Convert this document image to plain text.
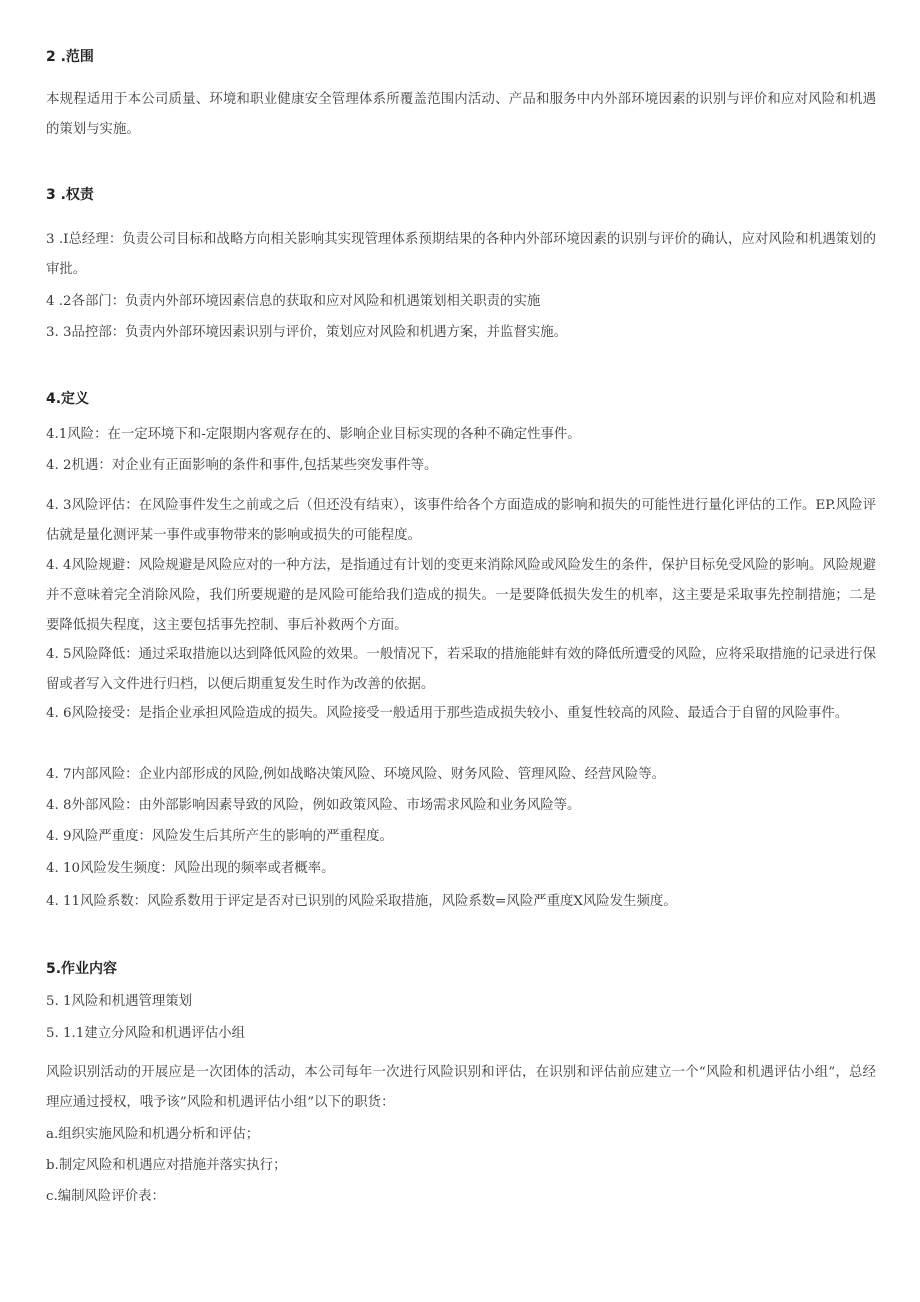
2 .范围
本规程适用于本公司质量、环境和职业健康安全管理体系所覆盖范围内活动、产品和服务中内外部环境因素的识别与评价和应对风险和机遇的策划与实施。
3 .权责
3 .I总经理：负责公司目标和战略方向相关影响其实现管理体系预期结果的各种内外部环境因素的识别与评价的确认，应对风险和机遇策划的审批。
4 .2各部门：负责内外部环境因素信息的获取和应对风险和机遇策划相关职责的实施
3. 3品控部：负责内外部环境因素识别与评价，策划应对风险和机遇方案，并监督实施。
4.定义
4.1风险：在一定环境下和-定限期内客观存在的、影响企业目标实现的各种不确定性事件。
4. 2机遇：对企业有正面影响的条件和事件,包括某些突发事件等。
4. 3风险评估：在风险事件发生之前或之后（但还没有结束），该事件给各个方面造成的影响和损失的可能性进行量化评估的工作。EP.风险评估就是量化测评某一事件或事物带来的影响或损失的可能程度。
4. 4风险规避：风险规避是风险应对的一种方法，是指通过有计划的变更来消除风险或风险发生的条件，保护目标免受风险的影响。风险规避并不意味着完全消除风险，我们所要规避的是风险可能给我们造成的损失。一是要降低损失发生的机率，这主要是采取事先控制措施；二是要降低损失程度，这主要包括事先控制、事后补救两个方面。
4. 5风险降低：通过采取措施以达到降低风险的效果。一般情况下，若采取的措施能蚌有效的降低所遭受的风险，应将采取措施的记录进行保留或者写入文件进行归档，以便后期重复发生时作为改善的依据。
4. 6风险接受：是指企业承担风险造成的损失。风险接受一般适用于那些造成损失较小、重复性较高的风险、最适合于自留的风险事件。
4. 7内部风险：企业内部形成的风险,例如战略决策风险、环境风险、财务风险、管理风险、经营风险等。
4. 8外部风险：由外部影响因素导致的风险，例如政策风险、市场需求风险和业务风险等。
4. 9风险严重度：风险发生后其所产生的影响的严重程度。
4. 10风险发生频度：风险出现的频率或者概率。
4. 11风险系数：风险系数用于评定是否对已识别的风险采取措施，风险系数=风险严重度X风险发生频度。
5.作业内容
5. 1风险和机遇管理策划
5. 1.1建立分风险和机遇评估小组
风险识别活动的开展应是一次团体的活动，本公司每年一次进行风险识别和评估，在识别和评估前应建立一个“风险和机遇评估小组”，总经理应通过授权，哦予该”风险和机遇评估小组”以下的职货：
a.组织实施风险和机遇分析和评估；
b.制定风险和机遇应对措施并落实执行；
c.编制风险评价表：
